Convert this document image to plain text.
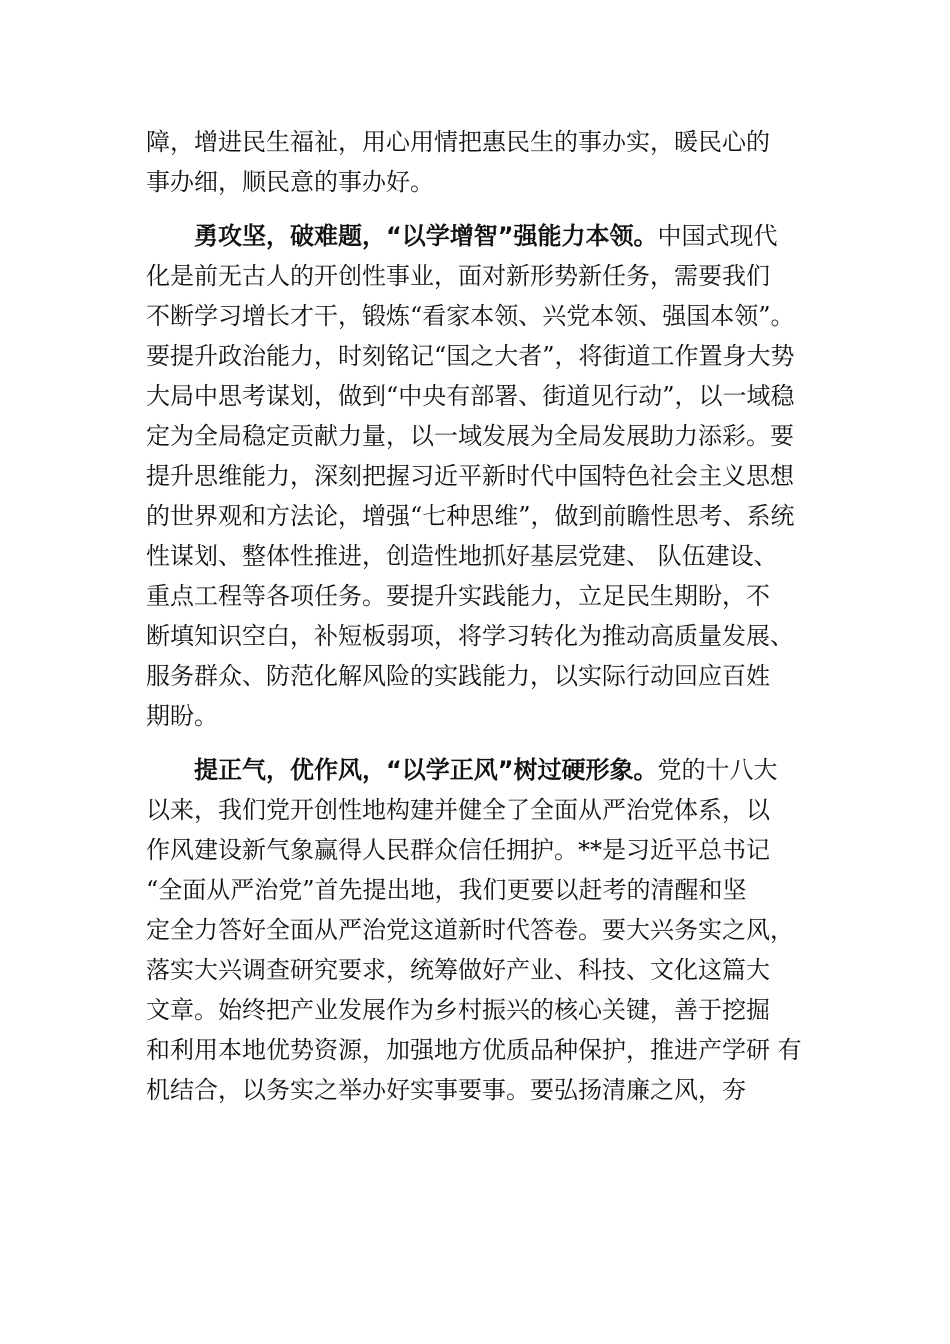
障，增进民生福祉，用心用情把惠民生的事办实，暖民心的
事办细，顺民意的事办好。
勇攻坚，破难题，“以学增智”强能力本领。中国式现代
化是前无古人的开创性事业，面对新形势新任务，需要我们
不断学习增长才干，锻炼“看家本领、兴党本领、强国本领”。
要提升政治能力，时刻铭记“国之大者”，将街道工作置身大势
大局中思考谋划，做到“中央有部署、街道见行动”，以一域稳
定为全局稳定贡献力量，以一域发展为全局发展助力添彩。要
提升思维能力，深刻把握习近平新时代中国特色社会主义思想
的世界观和方法论，增强“七种思维”，做到前瞻性思考、系统
性谋划、整体性推进，创造性地抓好基层党建、 队伍建设、
重点工程等各项任务。要提升实践能力，立足民生期盼，不
断填知识空白，补短板弱项，将学习转化为推动高质量发展、
服务群众、防范化解风险的实践能力，以实际行动回应百姓
期盼。
提正气，优作风，“以学正风”树过硬形象。党的十八大
以来，我们党开创性地构建并健全了全面从严治党体系，以
作风建设新气象赢得人民群众信任拥护。**是习近平总书记
“全面从严治党”首先提出地，我们更要以赶考的清醒和坚
定全力答好全面从严治党这道新时代答卷。要大兴务实之风，
落实大兴调查研究要求，统筹做好产业、科技、文化这篇大
文章。始终把产业发展作为乡村振兴的核心关键，善于挖掘
和利用本地优势资源，加强地方优质品种保护，推进产学研 有
机结合，以务实之举办好实事要事。要弘扬清廉之风，夯
